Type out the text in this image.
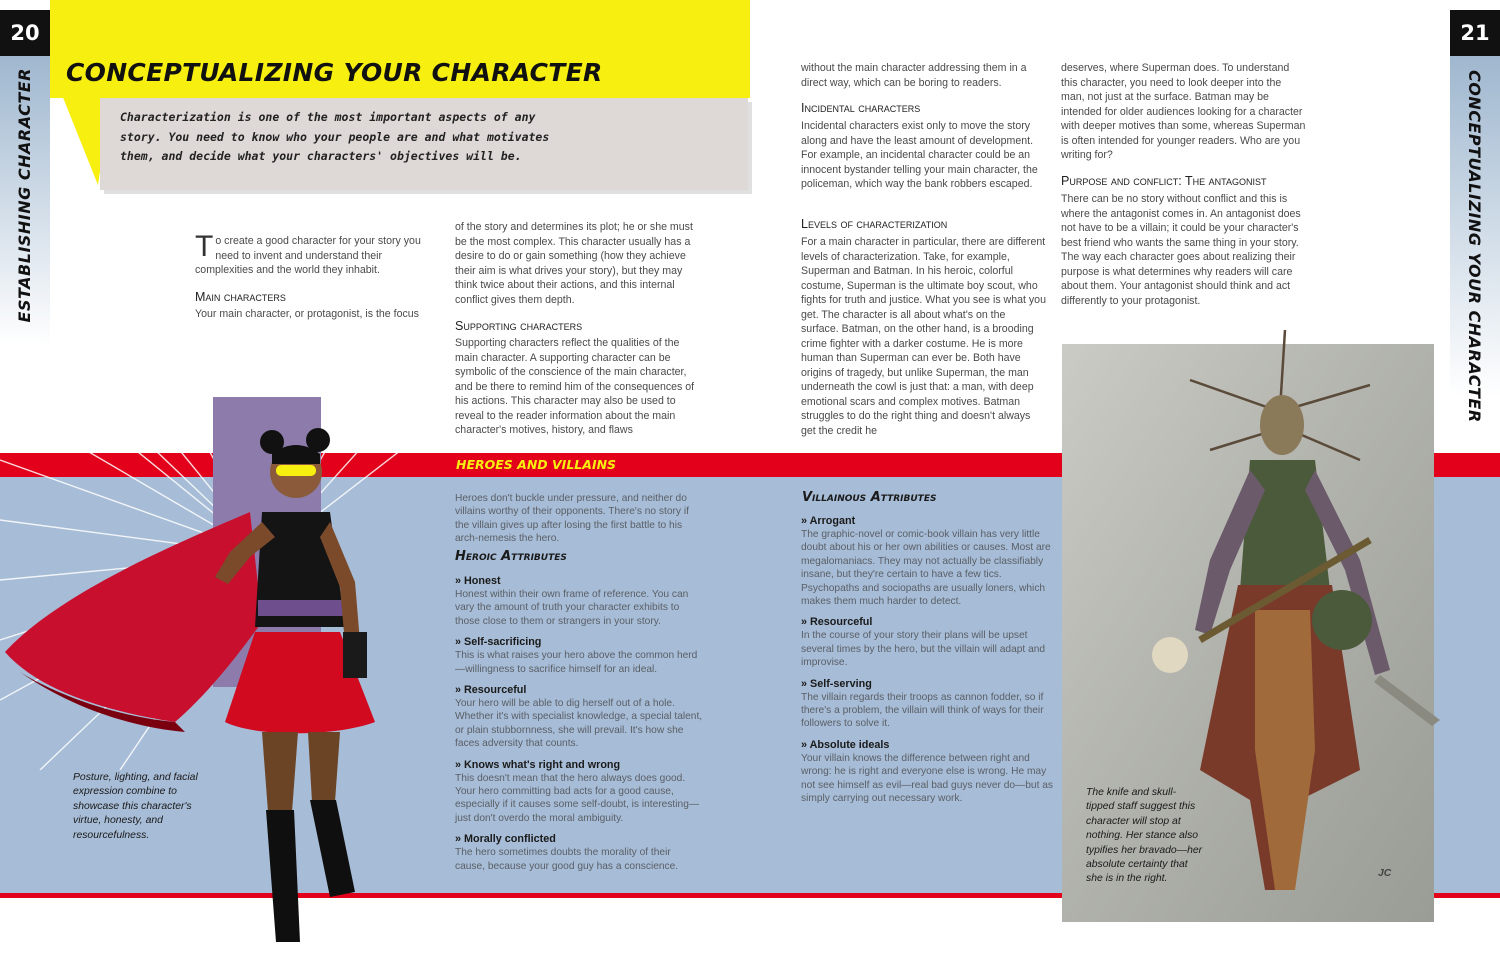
20
ESTABLISHING CHARACTER
21
CONCEPTUALIZING YOUR CHARACTER
CONCEPTUALIZING YOUR CHARACTER
Characterization is one of the most important aspects of any story. You need to know who your people are and what motivates them, and decide what your characters' objectives will be.
To create a good character for your story you need to invent and understand their complexities and the world they inhabit.
Main characters
Your main character, or protagonist, is the focus
of the story and determines its plot; he or she must be the most complex. This character usually has a desire to do or gain something (how they achieve their aim is what drives your story), but they may think twice about their actions, and this internal conflict gives them depth.
Supporting characters
Supporting characters reflect the qualities of the main character. A supporting character can be symbolic of the conscience of the main character, and be there to remind him of the consequences of his actions. This character may also be used to reveal to the reader information about the main character's motives, history, and flaws
without the main character addressing them in a direct way, which can be boring to readers.
Incidental characters
Incidental characters exist only to move the story along and have the least amount of development. For example, an incidental character could be an innocent bystander telling your main character, the policeman, which way the bank robbers escaped.
Levels of characterization
For a main character in particular, there are different levels of characterization. Take, for example, Superman and Batman. In his heroic, colorful costume, Superman is the ultimate boy scout, who fights for truth and justice. What you see is what you get. The character is all about what's on the surface. Batman, on the other hand, is a brooding crime fighter with a darker costume. He is more human than Superman can ever be. Both have origins of tragedy, but unlike Superman, the man underneath the cowl is just that: a man, with deep emotional scars and complex motives. Batman struggles to do the right thing and doesn't always get the credit he
deserves, where Superman does. To understand this character, you need to look deeper into the man, not just at the surface. Batman may be intended for older audiences looking for a character with deeper motives than some, whereas Superman is often intended for younger readers. Who are you writing for?
Purpose and conflict: The antagonist
There can be no story without conflict and this is where the antagonist comes in. An antagonist does not have to be a villain; it could be your character's best friend who wants the same thing in your story. The way each character goes about realizing their purpose is what determines why readers will care about them. Your antagonist should think and act differently to your protagonist.
HEROES AND VILLAINS
JC
Heroes don't buckle under pressure, and neither do villains worthy of their opponents. There's no story if the villain gives up after losing the first battle to his arch-nemesis the hero.
Heroic Attributes
» Honest
Honest within their own frame of reference. You can vary the amount of truth your character exhibits to those close to them or strangers in your story.
» Self-sacrificing
This is what raises your hero above the common herd—willingness to sacrifice himself for an ideal.
» Resourceful
Your hero will be able to dig herself out of a hole. Whether it's with specialist knowledge, a special talent, or plain stubbornness, she will prevail. It's how she faces adversity that counts.
» Knows what's right and wrong
This doesn't mean that the hero always does good. Your hero committing bad acts for a good cause, especially if it causes some self-doubt, is interesting—just don't overdo the moral ambiguity.
» Morally conflicted
The hero sometimes doubts the morality of their cause, because your good guy has a conscience.
Villainous Attributes
» Arrogant
The graphic-novel or comic-book villain has very little doubt about his or her own abilities or causes. Most are megalomaniacs. They may not actually be classifiably insane, but they're certain to have a few tics. Psychopaths and sociopaths are usually loners, which makes them much harder to detect.
» Resourceful
In the course of your story their plans will be upset several times by the hero, but the villain will adapt and improvise.
» Self-serving
The villain regards their troops as cannon fodder, so if there's a problem, the villain will think of ways for their followers to solve it.
» Absolute ideals
Your villain knows the difference between right and wrong: he is right and everyone else is wrong. He may not see himself as evil—real bad guys never do—but as simply carrying out necessary work.
Posture, lighting, and facial expression combine to showcase this character's virtue, honesty, and resourcefulness.
The knife and skull-tipped staff suggest this character will stop at nothing. Her stance also typifies her bravado—her absolute certainty that she is in the right.
